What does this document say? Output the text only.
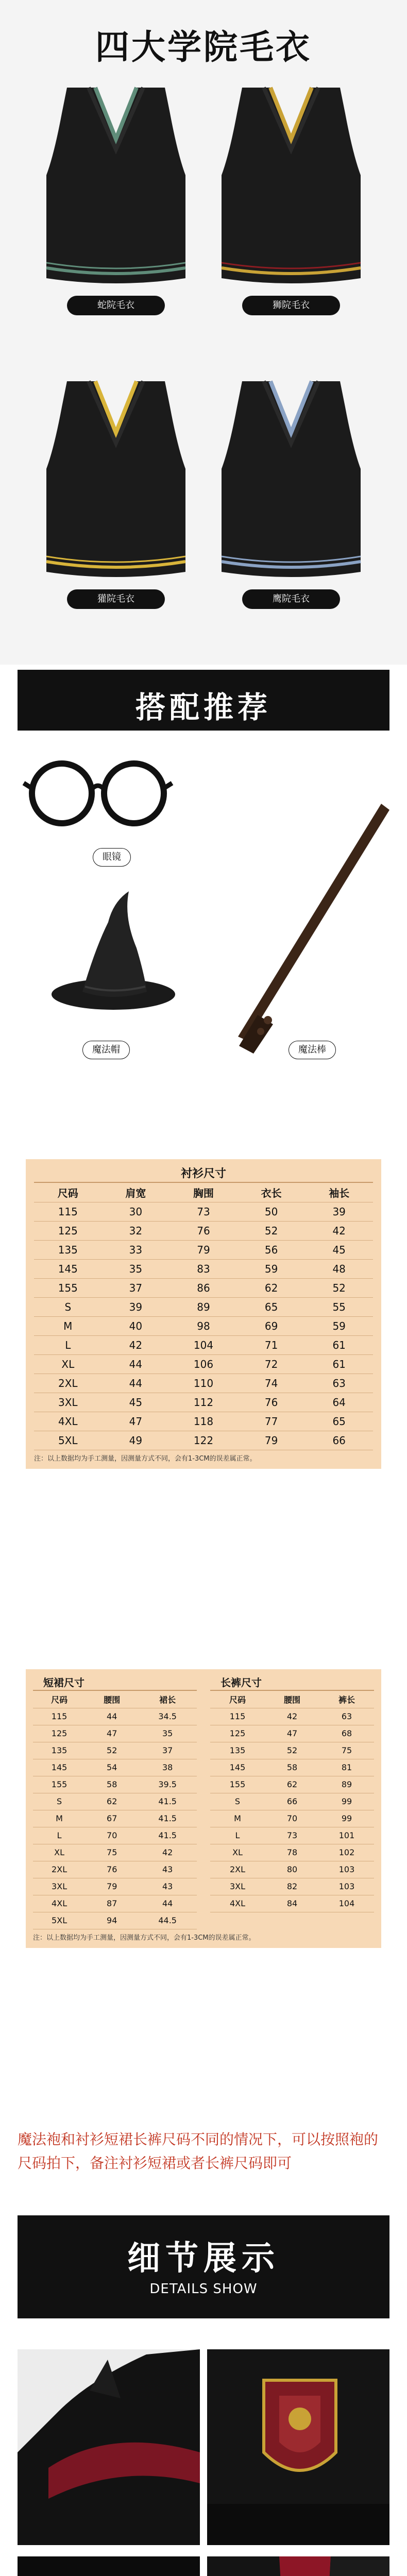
四大学院毛衣
蛇院毛衣	狮院毛衣
獾院毛衣	鹰院毛衣
搭配推荐
眼镜
魔法帽	魔法棒
衬衫尺寸
尺码	肩宽	胸围	衣长	袖长
115	30	73	50	39
125	32	76	52	42
135	33	79	56	45
145	35	83	59	48
155	37	86	62	52
S	39	89	65	55
M	40	98	69	59
L	42	104	71	61
XL	44	106	72	61
2XL	44	110	74	63
3XL	45	112	76	64
4XL	47	118	77	65
5XL	49	122	79	66
注：以上数据均为手工测量，因测量方式不同，会有1-3CM的误差属正常。
短裙尺寸
尺码	腰围	裙长
115	44	34.5
125	47	35
135	52	37
145	54	38
155	58	39.5
S	62	41.5
M	67	41.5
L	70	41.5
XL	75	42
2XL	76	43
3XL	79	43
4XL	87	44
5XL	94	44.5
长裤尺寸
尺码	腰围	裤长
115	42	63
125	47	68
135	52	75
145	58	81
155	62	89
S	66	99
M	70	99
L	73	101
XL	78	102
2XL	80	103
3XL	82	103
4XL	84	104
注：以上数据均为手工测量，因测量方式不同，会有1-3CM的误差属正常。
魔法袍和衬衫短裙长裤尺码不同的情况下，可以按照袍的尺码拍下，备注衬衫短裙或者长裤尺码即可
细节展示
DETAILS SHOW
